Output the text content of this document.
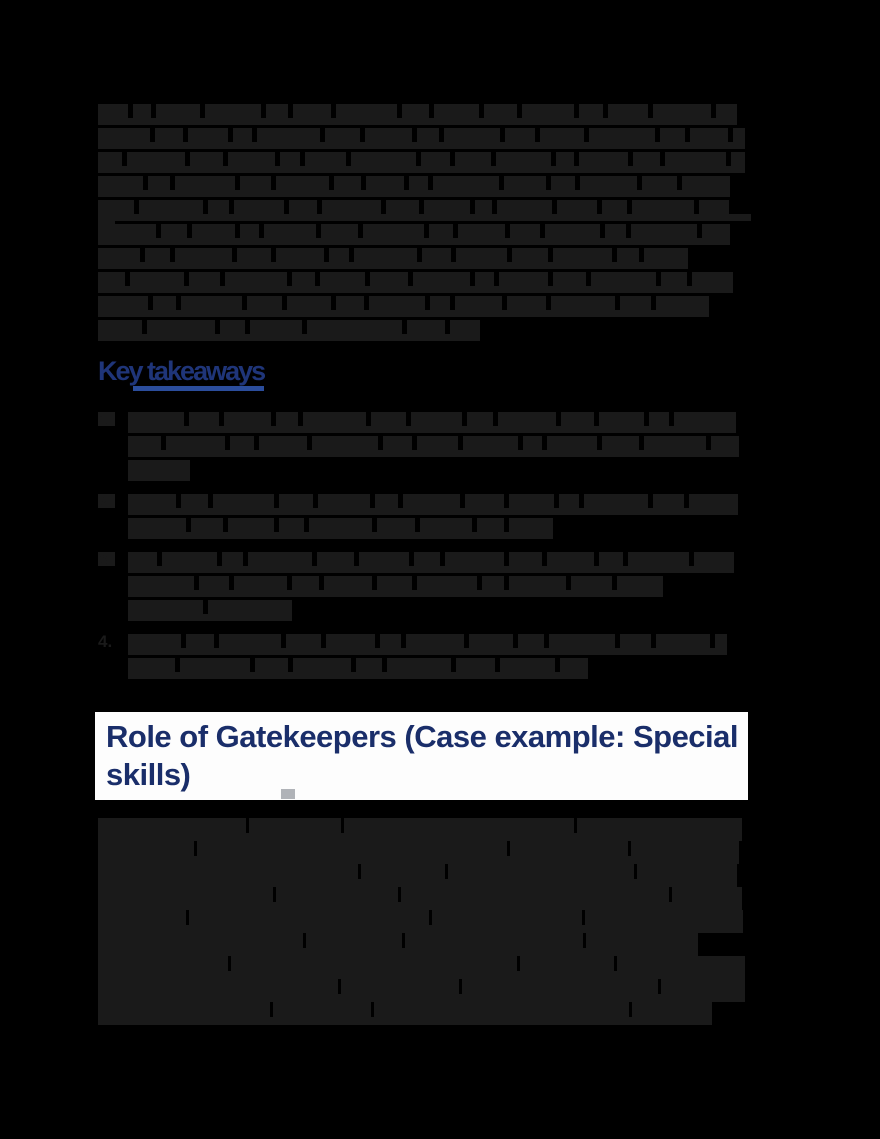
Key takeaways
1.
2.
3.
4.
Role of Gatekeepers (Case example: Special skills)
